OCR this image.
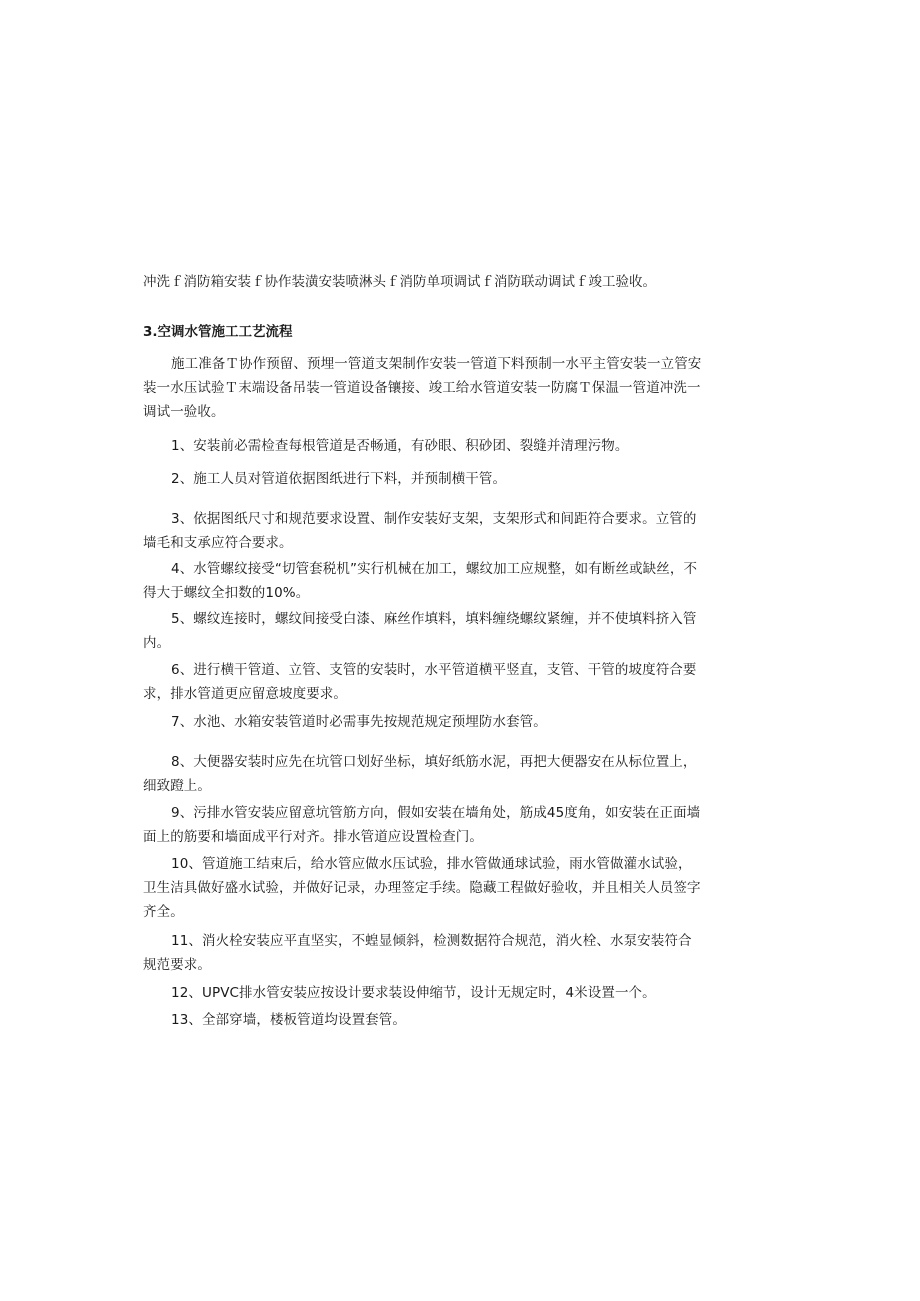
冲洗ｆ消防箱安装ｆ协作装潢安装喷淋头ｆ消防单项调试ｆ消防联动调试ｆ竣工验收。
3.空调水管施工工艺流程

施工准备Ｔ协作预留、预埋一管道支架制作安装一管道下料预制一水平主管安装一立管安装一水压试验Ｔ末端设备吊装一管道设备镶接、竣工给水管道安装一防腐Ｔ保温一管道冲洗一调试一验收。

1、安装前必需检查每根管道是否畅通，有砂眼、积砂团、裂缝并清理污物。

2、施工人员对管道依据图纸进行下料，并预制横干管。

3、依据图纸尺寸和规范要求设置、制作安装好支架，支架形式和间距符合要求。立管的墙毛和支承应符合要求。

4、水管螺纹接受“切管套税机”实行机械在加工，螺纹加工应规整，如有断丝或缺丝，不得大于螺纹全扣数的10%。

5、螺纹连接时，螺纹间接受白漆、麻丝作填料，填料缠绕螺纹紧缠，并不使填料挤入管内。

6、进行横干管道、立管、支管的安装时，水平管道横平竖直，支管、干管的坡度符合要求，排水管道更应留意坡度要求。

7、水池、水箱安装管道时必需事先按规范规定预埋防水套管。

8、大便器安装时应先在坑管口划好坐标，填好纸筋水泥，再把大便器安在从标位置上，细致蹬上。

9、污排水管安装应留意坑管筋方向，假如安装在墙角处，筋成45度角，如安装在正面墙面上的筋要和墙面成平行对齐。排水管道应设置检查门。

10、管道施工结束后，给水管应做水压试验，排水管做通球试验，雨水管做灌水试验，卫生洁具做好盛水试验，并做好记录，办理签定手续。隐藏工程做好验收，并且相关人员签字齐全。

11、消火栓安装应平直坚实，不蝗显倾斜，检测数据符合规范，消火栓、水泵安装符合规范要求。

12、UPVC排水管安装应按设计要求装设伸缩节，设计无规定时，4米设置一个。

13、全部穿墙，楼板管道均设置套管。
